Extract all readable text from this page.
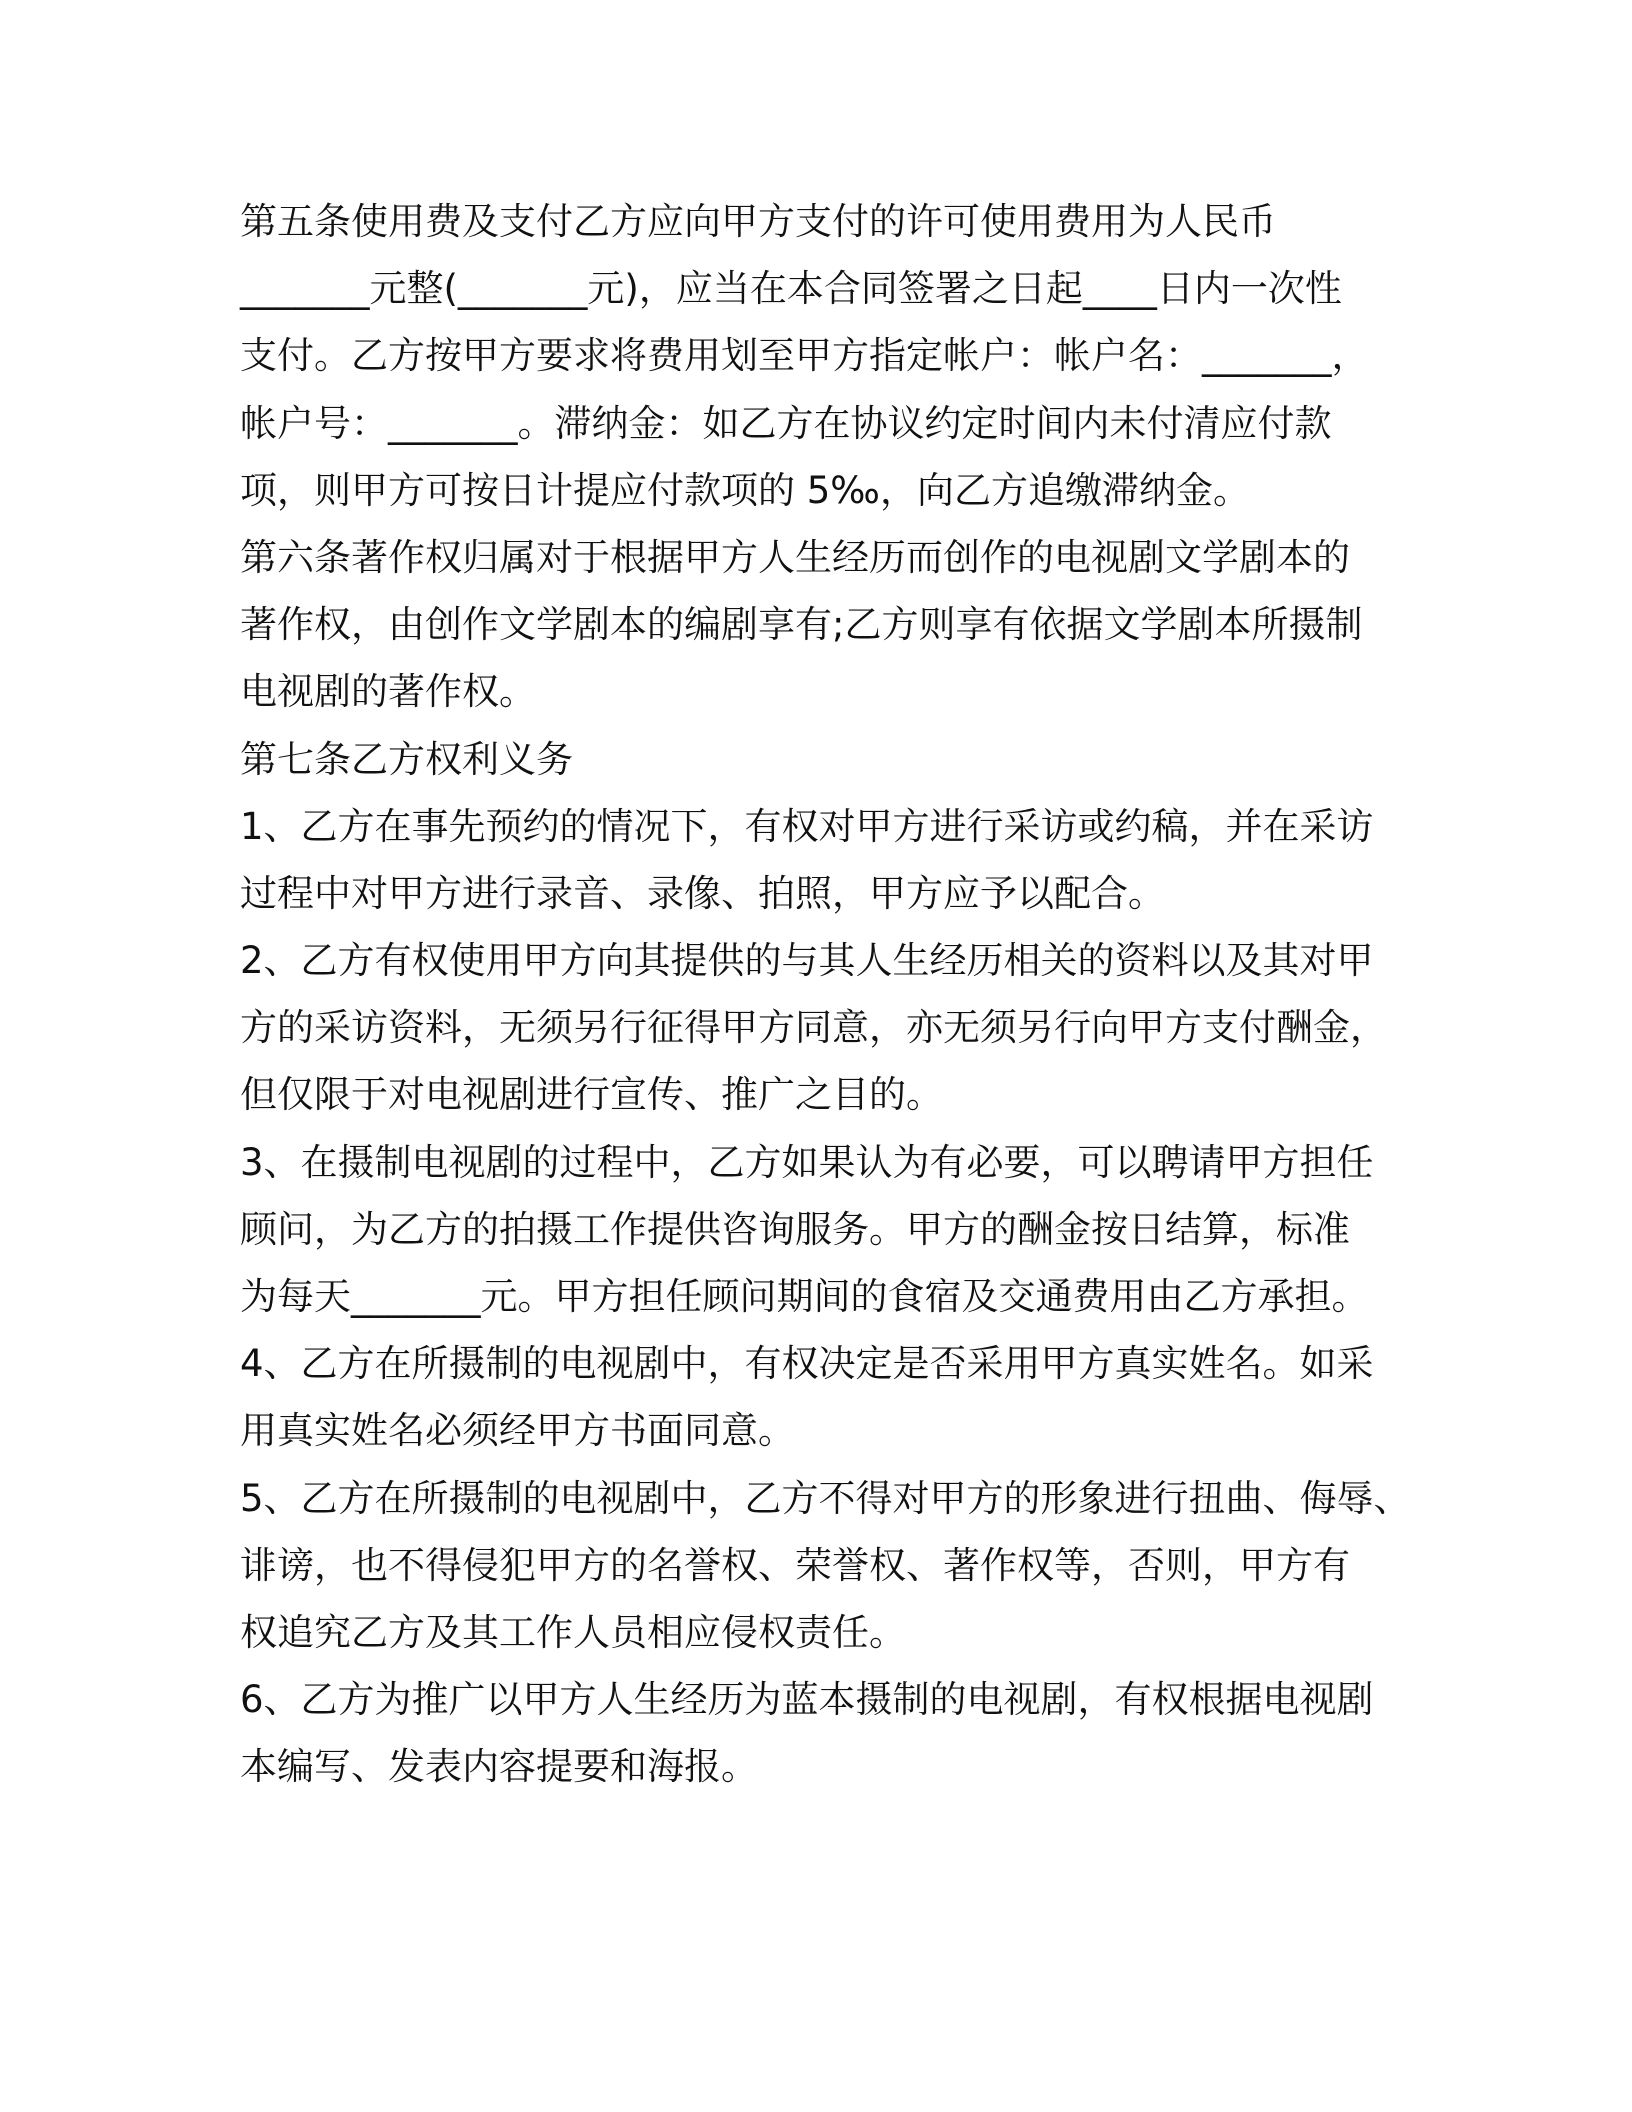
第五条使用费及支付乙方应向甲方支付的许可使用费用为人民币
_______元整(_______元)，应当在本合同签署之日起____日内一次性
支付。乙方按甲方要求将费用划至甲方指定帐户：帐户名：_______，
帐户号：_______。滞纳金：如乙方在协议约定时间内未付清应付款
项，则甲方可按日计提应付款项的 5‰，向乙方追缴滞纳金。
第六条著作权归属对于根据甲方人生经历而创作的电视剧文学剧本的
著作权，由创作文学剧本的编剧享有;乙方则享有依据文学剧本所摄制
电视剧的著作权。
第七条乙方权利义务
1、乙方在事先预约的情况下，有权对甲方进行采访或约稿，并在采访
过程中对甲方进行录音、录像、拍照，甲方应予以配合。
2、乙方有权使用甲方向其提供的与其人生经历相关的资料以及其对甲
方的采访资料，无须另行征得甲方同意，亦无须另行向甲方支付酬金，
但仅限于对电视剧进行宣传、推广之目的。
3、在摄制电视剧的过程中，乙方如果认为有必要，可以聘请甲方担任
顾问，为乙方的拍摄工作提供咨询服务。甲方的酬金按日结算，标准
为每天_______元。甲方担任顾问期间的食宿及交通费用由乙方承担。
4、乙方在所摄制的电视剧中，有权决定是否采用甲方真实姓名。如采
用真实姓名必须经甲方书面同意。
5、乙方在所摄制的电视剧中，乙方不得对甲方的形象进行扭曲、侮辱、
诽谤，也不得侵犯甲方的名誉权、荣誉权、著作权等，否则，甲方有
权追究乙方及其工作人员相应侵权责任。
6、乙方为推广以甲方人生经历为蓝本摄制的电视剧，有权根据电视剧
本编写、发表内容提要和海报。
